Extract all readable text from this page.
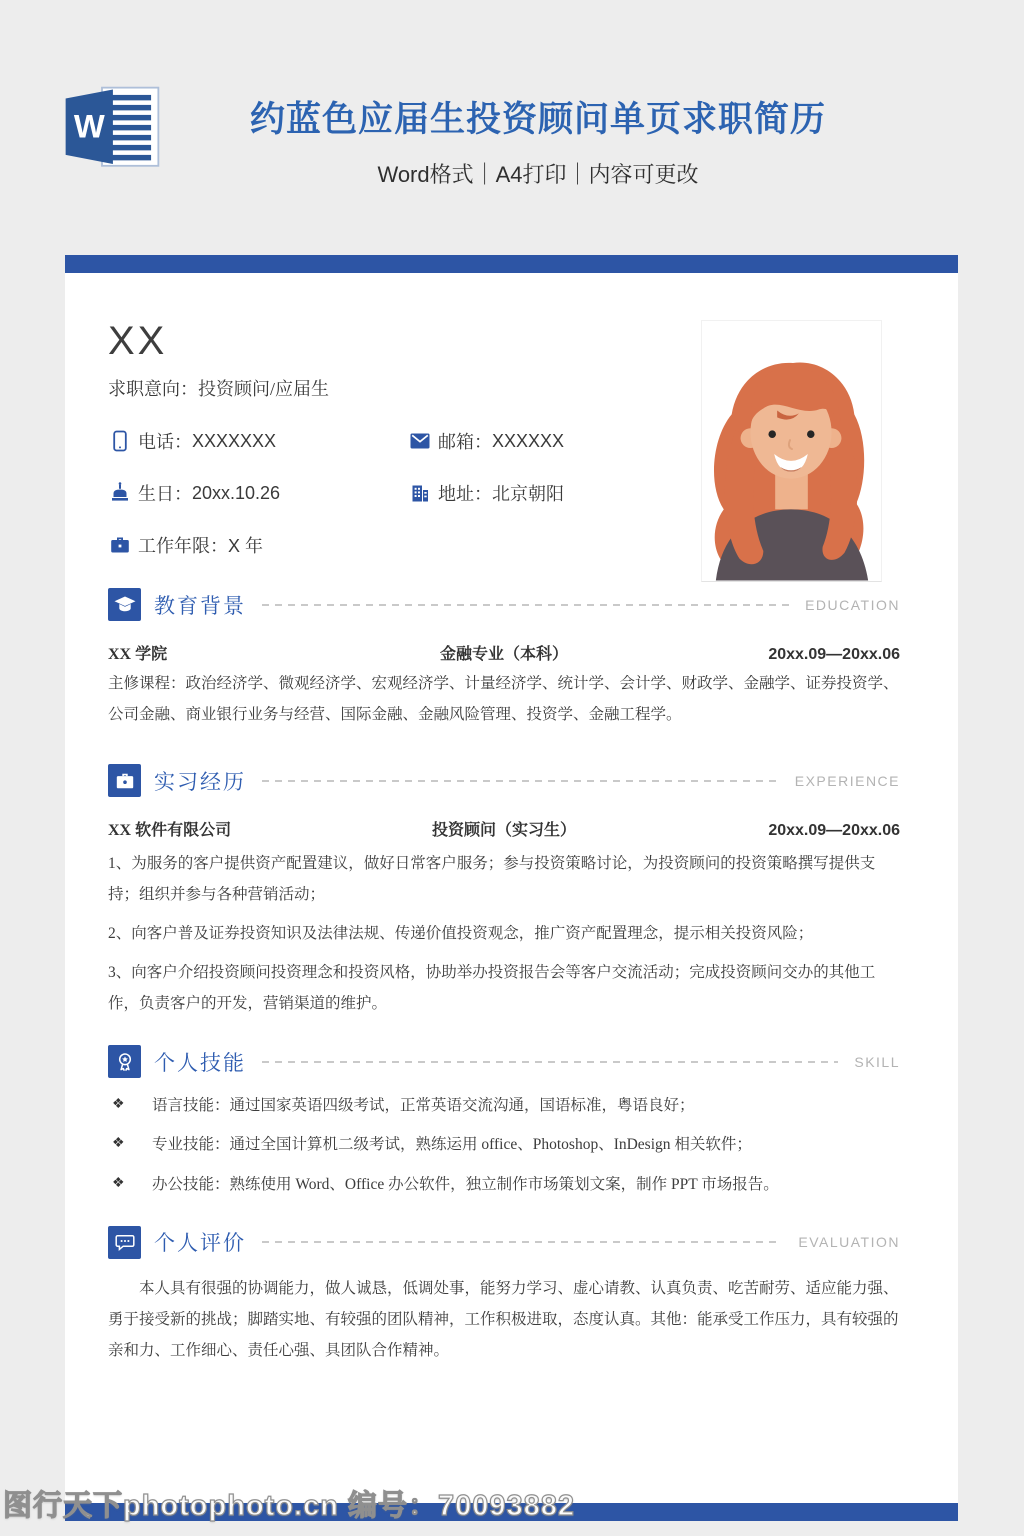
W	约蓝色应届生投资顾问单页求职简历
Word格式｜A4打印｜内容可更改
XX
求职意向：投资顾问/应届生
电话： XXXXXXX	邮箱： XXXXXX
生日： 20xx.10.26	地址： 北京朝阳
工作年限： X 年
教育背景	EDUCATION
XX 学院	金融专业（本科）	20xx.09—20xx.06

主修课程：政治经济学、微观经济学、宏观经济学、计量经济学、统计学、会计学、财政学、金融学、证券投资学、公司金融、商业银行业务与经营、国际金融、金融风险管理、投资学、金融工程学。

实习经历	EXPERIENCE
XX 软件有限公司	投资顾问（实习生）	20xx.09—20xx.06

1、为服务的客户提供资产配置建议，做好日常客户服务；参与投资策略讨论，为投资顾问的投资策略撰写提供支持；组织并参与各种营销活动；

2、向客户普及证券投资知识及法律法规、传递价值投资观念，推广资产配置理念，提示相关投资风险；

3、向客户介绍投资顾问投资理念和投资风格，协助举办投资报告会等客户交流活动；完成投资顾问交办的其他工作，负责客户的开发，营销渠道的维护。

个人技能	SKILL
❖	语言技能：通过国家英语四级考试，正常英语交流沟通，国语标准，粤语良好；
❖	专业技能：通过全国计算机二级考试，熟练运用 office、Photoshop、InDesign 相关软件；
❖	办公技能：熟练使用 Word、Office 办公软件，独立制作市场策划文案，制作 PPT 市场报告。
个人评价	EVALUATION

本人具有很强的协调能力，做人诚恳，低调处事，能努力学习、虚心请教、认真负责、吃苦耐劳、适应能力强、勇于接受新的挑战；脚踏实地、有较强的团队精神，工作积极进取，态度认真。其他：能承受工作压力，具有较强的亲和力、工作细心、责任心强、具团队合作精神。

图行天下photophoto.cn 编号：70093882
